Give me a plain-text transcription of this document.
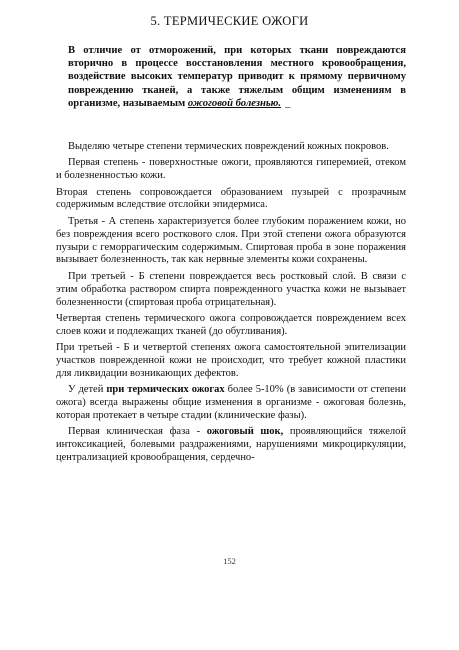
5. ТЕРМИЧЕСКИЕ ОЖОГИ
В отличие от отморожений, при которых ткани повреждаются вторично в процессе восстановления местного кровообращения, воздействие высоких температур приводит к прямому первичному повреждению тканей, а также тяжелым общим изменениям в организме, называемым ожоговой болезнью. _

Выделяю четыре степени термических повреждений кожных покровов.

Первая степень - поверхностные ожоги, проявляются гиперемией, отеком и болезненностью кожи.

Вторая степень сопровождается образованием пузырей с прозрачным содержимым вследствие отслойки эпидермиса.

Третья - А степень характеризуется более глубоким поражением кожи, но без повреждения всего росткового слоя. При этой степени ожога образуются пузыри с геморрагическим содержимым. Спиртовая проба в зоне поражения вызывает болезненность, так как нервные элементы кожи сохранены.

При третьей - Б степени повреждается весь ростковый слой. В связи с этим обработка раствором спирта поврежденного участка кожи не вызывает болезненности (спиртовая проба отрицательная).

Четвертая степень термического ожога сопровождается повреждением всех слоев кожи и подлежащих тканей (до обугливания).

При третьей - Б и четвертой степенях ожога самостоятельной эпителизации участков поврежденной кожи не происходит, что требует кожной пластики для ликвидации возникающих дефектов.

У детей при термических ожогах более 5-10% (в зависимости от степени ожога) всегда выражены общие изменения в организме - ожоговая болезнь, которая протекает в четыре стадии (клинические фазы).

Первая клиническая фаза - ожоговый шок, проявляющийся тяжелой интоксикацией, болевыми раздражениями, нарушениями микроциркуляции, централизацией кровообращения, сердечно-

152
